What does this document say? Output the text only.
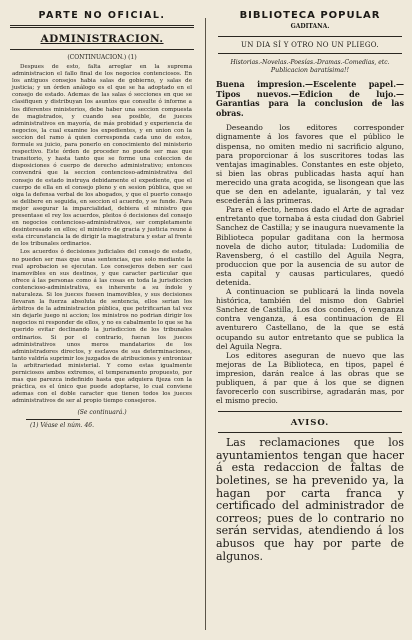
PARTE NO OFICIAL.
ADMINISTRACION.
(CONTINUACION.) (1)

Despues de esto, falta arreglar en la suprema administracion el fallo final de los negocios contenciosos. En los antiguos consejos habia salas de gobierno, y salas de justicia; y un órden análogo es el que se ha adoptado en el consejo de estado. Ademas de las salas ó secciones en que se clasifiquen y distribuyan los asuntos que consulte ó informe a los diferentes ministerios, debe haber una seccion compuesta de magistrados, y cuando sea posible, de jueces administrativos en mayoría, de más probidad y experiencia de negocios, la cual examine los expedientes, y en union con la seccion del ramo á quien corresponda cada uno de estos, formule su juicio, para ponerlo en conocimiento del ministerio respectivo. Este órden de proceder no puede ser mas que transitorio, y hasta tanto que se forme una coleccion de disposiciones ó cuerpo de derecho administrativo; entonces convendrá que la seccion contencioso-administrativa del consejo de estado instruya debidamente el expediente, que el cuerpo de ella en el consejo pleno y en sesion pública, que se oiga la defensa verbal de los abogados, y que el puerto consejo se delibere en seguida, en seccion el acuerdo, y se funde. Para mejor asegurar la imparcialidad, debiera el ministro que presentase el rey los acuerdos, pleitos ó decisiones del consejo en negocios contencioso-administrativos, ser completamente desinteresado en ellos; el ministro de gracia y justicia reune á esta circunstancia la de dirigir la magistratura y estar al frente de los tribunales ordinarios.

Los acuerdos ó decisiones judiciales del consejo de estado, no pueden ser mas que unas sentencias, que solo mediante la real aprobacion se ejecutan. Los consejeros deben ser casi inamovibles en sus destinos, y que caracter particular que ofrece á las personas como á las cosas en toda la jurisdiccion contencioso-administrativa, es inherente a su índole y naturaleza. Si los jueces fuesen inamovibles, y sus decisiones llevaran la fuerza absoluta de sentencia, ellos serian los árbitros de la administracion pública, que petrificarian tal vez sin dejarle juego ni accion; los ministros no podrian dirigir los negocios ni responder de ellos, y no es cabalmente lo que se ha querido evitar declinando la jurisdiccion de los tribunales ordinarios. Si por el contrario, fueran los jueces administrativos unos meros mandatarios de los administradores directos, y esclavos de sus determinaciones, tanto valdría suprimir los juzgados de atribuciones y entronizar la arbitrariedad ministerial. Y como estas igualmente perniciosos ambos extremos, el temperamento propuesto, por mas que parezca indefinido hasta que adquiera fijeza con la práctica, es el único que puede adoptarse, lo cual conviene ademas con el doble caracter que tienen todos los jueces administrativos de ser al propio tiempo consejeros.

(Se continuará.)
(1) Véase el núm. 46.
BIBLIOTECA POPULAR
GADITANA.
UN DIA SÍ Y OTRO NO UN PLIEGO.
Historias.-Novelas.-Poesías.-Dramas.-Comedias, etc.
Publicacion baratísima!!

Buena impresion.—Escelente papel.—Tipos nuevos.—Edicion de lujo.—Garantias para la conclusion de las obras.

Deseando los editores corresponder dignamente á los favores que el público le dispensa, no omiten medio ni sacrificio alguno, para proporcionar á los suscritores todas las ventajas imaginables. Constantes en este objeto, si bien las obras publicadas hasta aquí han merecido una grata acogida, se lisongean que las que se den en adelante, igualarán, y tal vez escederán á las primeras.

Para el efecto, hemos dado el Arte de agradar entretanto que tornaba á esta ciudad don Gabriel Sanchez de Castilla; y se inaugura nuevamente la Biblioteca popular gaditana con la hermosa novela de dicho autor, titulada: Ludomilia de Ravensberg, ó el castillo del Aguila Negra, produccion que por la ausencia de su autor de esta capital y causas particulares, quedó detenida.

A continuacion se publicará la linda novela histórica, también del mismo don Gabriel Sanchez de Castilla, Los dos condes, ó venganza contra venganza, á esa continuacion de El aventurero Castellano, de la que se está ocupando su autor entretanto que se publica la del Aguila Negra.

Los editores aseguran de nuevo que las mejoras de La Biblioteca, en tipos, papel é impresion, darán realce á las obras que se publiquen, á par que á los que se dignen favorecerlo con suscribirse, agradarán mas, por el mismo precio.

AVISO.

Las reclamaciones que los ayuntamientos tengan que hacer á esta redaccion de faltas de boletines, se ha prevenido ya, la hagan por carta franca y certificado del administrador de correos; pues de lo contrario no serán servidas, atendiendo á los abusos que hay por parte de algunos.
